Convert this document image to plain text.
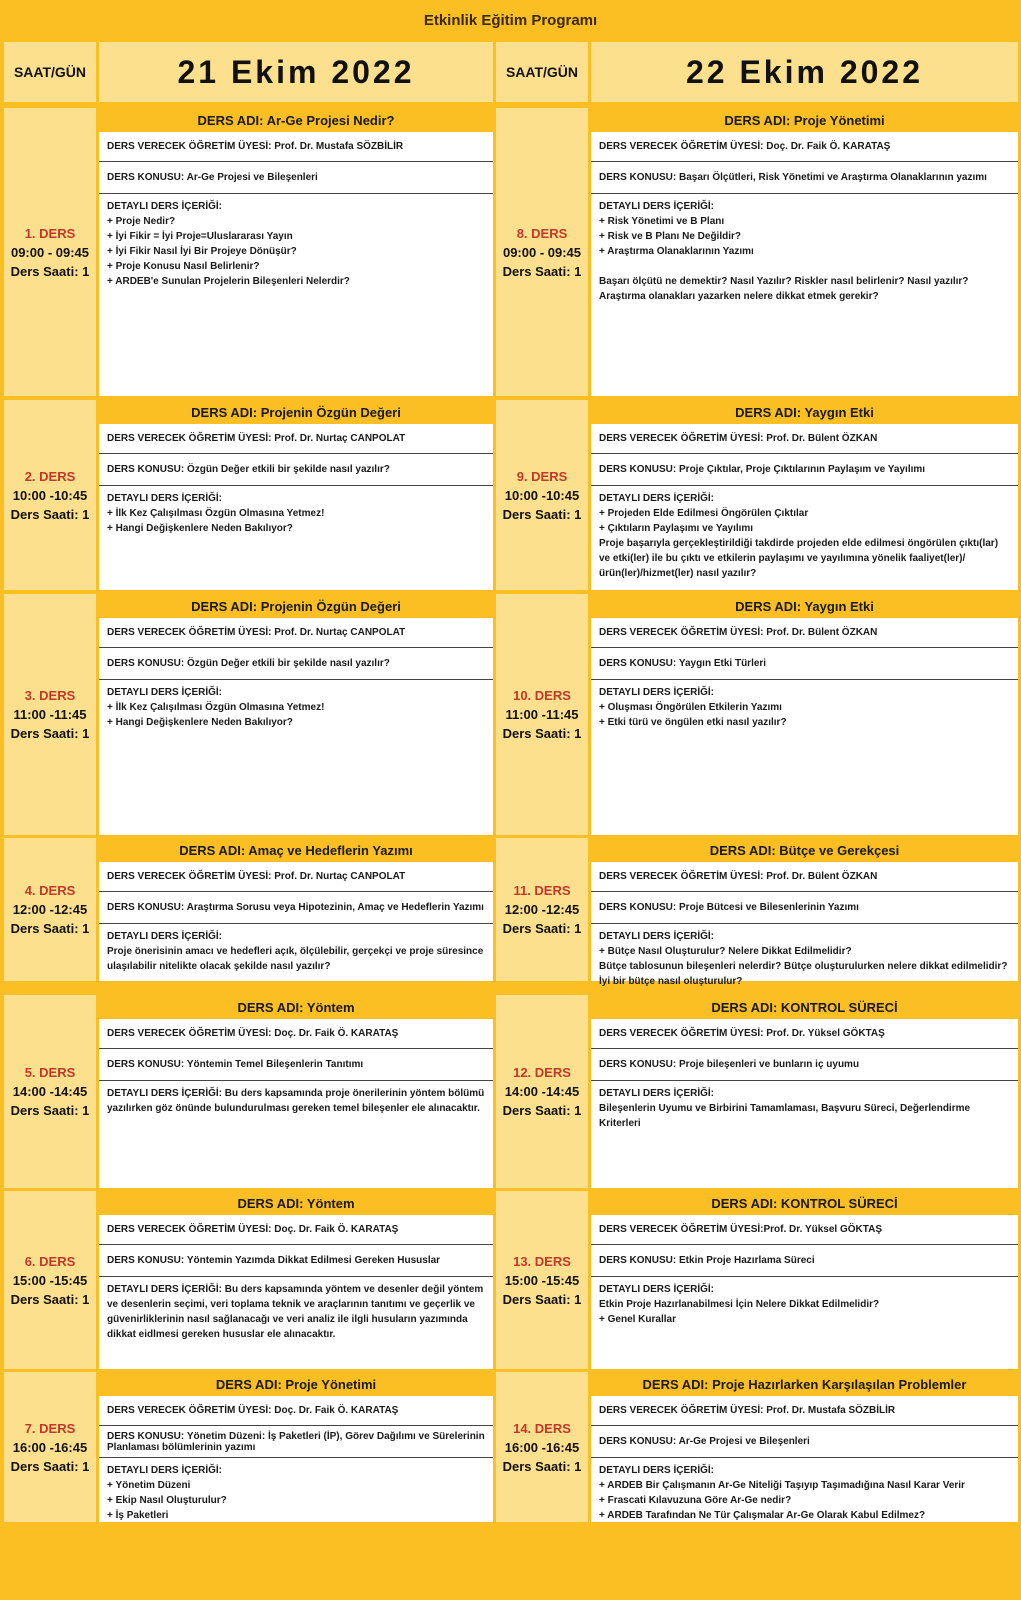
Etkinlik Eğitim Programı
SAAT/GÜN	21 Ekim 2022	SAAT/GÜN	22 Ekim 2022
1. DERS
09:00 - 09:45
Ders Saati: 1
DERS ADI: Ar-Ge Projesi Nedir?
DERS VERECEK ÖĞRETİM ÜYESİ: Prof. Dr. Mustafa SÖZBİLİR
DERS KONUSU: Ar-Ge Projesi ve Bileşenleri
DETAYLI DERS İÇERİĞİ:
+ Proje Nedir?
+ İyi Fikir = İyi Proje=Uluslararası Yayın
+ İyi Fikir Nasıl İyi Bir Projeye Dönüşür?
+ Proje Konusu Nasıl Belirlenir?
+ ARDEB'e Sunulan Projelerin Bileşenleri Nelerdir?
8. DERS
09:00 - 09:45
Ders Saati: 1
DERS ADI: Proje Yönetimi
DERS VERECEK ÖĞRETİM ÜYESİ: Doç. Dr. Faik Ö. KARATAŞ
DERS KONUSU: Başarı Ölçütleri, Risk Yönetimi ve Araştırma Olanaklarının yazımı
DETAYLI DERS İÇERİĞİ:
+ Risk Yönetimi ve B Planı
+ Risk ve B Planı Ne Değildir?
+ Araştırma Olanaklarının Yazımı

Başarı ölçütü ne demektir? Nasıl Yazılır? Riskler nasıl belirlenir? Nasıl yazılır? Araştırma olanakları yazarken nelere dikkat etmek gerekir?
2. DERS
10:00 -10:45
Ders Saati: 1
DERS ADI: Projenin Özgün Değeri
DERS VERECEK ÖĞRETİM ÜYESİ: Prof. Dr. Nurtaç CANPOLAT
DERS KONUSU: Özgün Değer etkili bir şekilde nasıl yazılır?
DETAYLI DERS İÇERİĞİ:
+ İlk Kez Çalışılması Özgün Olmasına Yetmez!
+ Hangi Değişkenlere Neden Bakılıyor?
9. DERS
10:00 -10:45
Ders Saati: 1
DERS ADI: Yaygın Etki
DERS VERECEK ÖĞRETİM ÜYESİ: Prof. Dr. Bülent ÖZKAN
DERS KONUSU: Proje Çıktılar, Proje Çıktılarının Paylaşım ve Yayılımı
DETAYLI DERS İÇERİĞİ:
+ Projeden Elde Edilmesi Öngörülen Çıktılar
+ Çıktıların Paylaşımı ve Yayılımı
Proje başarıyla gerçekleştirildiği takdirde projeden elde edilmesi öngörülen çıktı(lar) ve etki(ler) ile bu çıktı ve etkilerin paylaşımı ve yayılımına yönelik faaliyet(ler)/ürün(ler)/hizmet(ler) nasıl yazılır?
3. DERS
11:00 -11:45
Ders Saati: 1
DERS ADI: Projenin Özgün Değeri
DERS VERECEK ÖĞRETİM ÜYESİ: Prof. Dr. Nurtaç CANPOLAT
DERS KONUSU: Özgün Değer etkili bir şekilde nasıl yazılır?
DETAYLI DERS İÇERİĞİ:
+ İlk Kez Çalışılması Özgün Olmasına Yetmez!
+ Hangi Değişkenlere Neden Bakılıyor?
10. DERS
11:00 -11:45
Ders Saati: 1
DERS ADI: Yaygın Etki
DERS VERECEK ÖĞRETİM ÜYESİ: Prof. Dr. Bülent ÖZKAN
DERS KONUSU: Yaygın Etki Türleri
DETAYLI DERS İÇERİĞİ:
+ Oluşması Öngörülen Etkilerin Yazımı
+ Etki türü ve öngülen etki nasıl yazılır?
4. DERS
12:00 -12:45
Ders Saati: 1
DERS ADI: Amaç ve Hedeflerin Yazımı
DERS VERECEK ÖĞRETİM ÜYESİ: Prof. Dr. Nurtaç CANPOLAT
DERS KONUSU: Araştırma Sorusu veya Hipotezinin, Amaç ve Hedeflerin Yazımı
DETAYLI DERS İÇERİĞİ:
Proje önerisinin amacı ve hedefleri açık, ölçülebilir, gerçekçi ve proje süresince ulaşılabilir nitelikte olacak şekilde nasıl yazılır?
11. DERS
12:00 -12:45
Ders Saati: 1
DERS ADI: Bütçe ve Gerekçesi
DERS VERECEK ÖĞRETİM ÜYESİ: Prof. Dr. Bülent ÖZKAN
DERS KONUSU: Proje Bütcesi ve Bilesenlerinin Yazımı
DETAYLI DERS İÇERİĞİ:
+ Bütçe Nasıl Oluşturulur? Nelere Dikkat Edilmelidir?
Bütçe tablosunun bileşenleri nelerdir? Bütçe oluşturulurken nelere dikkat edilmelidir? İyi bir bütçe nasıl oluşturulur?
5. DERS
14:00 -14:45
Ders Saati: 1
DERS ADI: Yöntem
DERS VERECEK ÖĞRETİM ÜYESİ: Doç. Dr. Faik Ö. KARATAŞ
DERS KONUSU: Yöntemin Temel Bileşenlerin Tanıtımı
DETAYLI DERS İÇERİĞİ: Bu ders kapsamında proje önerilerinin yöntem bölümü yazılırken göz önünde bulundurulması gereken temel bileşenler ele alınacaktır.
12. DERS
14:00 -14:45
Ders Saati: 1
DERS ADI: KONTROL SÜRECİ
DERS VERECEK ÖĞRETİM ÜYESİ: Prof. Dr. Yüksel GÖKTAŞ
DERS KONUSU: Proje bileşenleri ve bunların iç uyumu
DETAYLI DERS İÇERİĞİ:
Bileşenlerin Uyumu ve Birbirini Tamamlaması, Başvuru Süreci, Değerlendirme Kriterleri
6. DERS
15:00 -15:45
Ders Saati: 1
DERS ADI: Yöntem
DERS VERECEK ÖĞRETİM ÜYESİ: Doç. Dr. Faik Ö. KARATAŞ
DERS KONUSU: Yöntemin Yazımda Dikkat Edilmesi Gereken Hususlar
DETAYLI DERS İÇERİĞİ: Bu ders kapsamında yöntem ve desenler değil yöntem ve desenlerin seçimi, veri toplama teknik ve araçlarının tanıtımı ve geçerlik ve güvenirliklerinin nasıl sağlanacağı ve veri analiz ile ilgli husuların yazımında dikkat eidlmesi gereken hususlar ele alınacaktır.
13. DERS
15:00 -15:45
Ders Saati: 1
DERS ADI: KONTROL SÜRECİ
DERS VERECEK ÖĞRETİM ÜYESİ:Prof. Dr. Yüksel GÖKTAŞ
DERS KONUSU: Etkin Proje Hazırlama Süreci
DETAYLI DERS İÇERİĞİ:
Etkin Proje Hazırlanabilmesi İçin Nelere Dikkat Edilmelidir?
+ Genel Kurallar
7. DERS
16:00 -16:45
Ders Saati: 1
DERS ADI: Proje Yönetimi
DERS VERECEK ÖĞRETİM ÜYESİ: Doç. Dr. Faik Ö. KARATAŞ
DERS KONUSU: Yönetim Düzeni: İş Paketleri (İP), Görev Dağılımı ve Sürelerinin Planlaması bölümlerinin yazımı
DETAYLI DERS İÇERİĞİ:
+ Yönetim Düzeni
+ Ekip Nasıl Oluşturulur?
+ İş Paketleri
14. DERS
16:00 -16:45
Ders Saati: 1
DERS ADI: Proje Hazırlarken Karşılaşılan Problemler
DERS VERECEK ÖĞRETİM ÜYESİ: Prof. Dr. Mustafa SÖZBİLİR
DERS KONUSU: Ar-Ge Projesi ve Bileşenleri
DETAYLI DERS İÇERİĞİ:
+ ARDEB Bir Çalışmanın Ar-Ge Niteliği Taşıyıp Taşımadığına Nasıl Karar Verir
+ Frascati Kılavuzuna Göre Ar-Ge nedir?
+ ARDEB Tarafından Ne Tür Çalışmalar Ar-Ge Olarak Kabul Edilmez?
